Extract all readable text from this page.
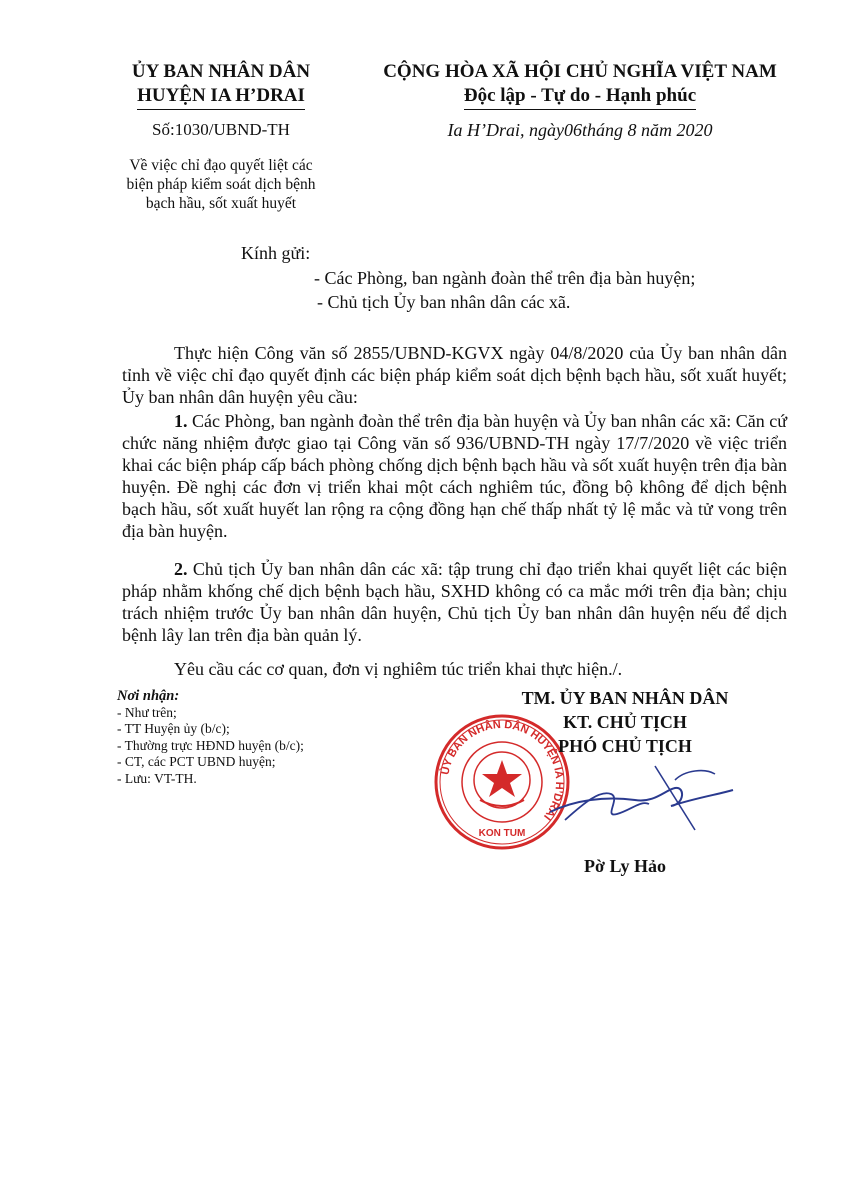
ỦY BAN NHÂN DÂN
HUYỆN IA H’DRAI
CỘNG HÒA XÃ HỘI CHỦ NGHĨA VIỆT NAM
Độc lập - Tự do - Hạnh phúc
Số:1030/UBND-TH	Ia H’Drai, ngày06tháng 8 năm 2020
Về việc chỉ đạo quyết liệt các
biện pháp kiểm soát dịch bệnh
bạch hầu, sốt xuất huyết
Kính gửi:
- Các Phòng, ban ngành đoàn thể trên địa bàn huyện;
- Chủ tịch Ủy ban nhân dân các xã.

Thực hiện Công văn số 2855/UBND-KGVX ngày 04/8/2020 của Ủy ban nhân dân tỉnh về việc chỉ đạo quyết định các biện pháp kiểm soát dịch bệnh bạch hầu, sốt xuất huyết; Ủy ban nhân dân huyện yêu cầu:

1. Các Phòng, ban ngành đoàn thể trên địa bàn huyện và Ủy ban nhân các xã: Căn cứ chức năng nhiệm được giao tại Công văn số 936/UBND-TH ngày 17/7/2020 về việc triển khai các biện pháp cấp bách phòng chống dịch bệnh bạch hầu và sốt xuất huyện trên địa bàn huyện. Đề nghị các đơn vị triển khai một cách nghiêm túc, đồng bộ không để dịch bệnh bạch hầu, sốt xuất huyết lan rộng ra cộng đồng hạn chế thấp nhất tỷ lệ mắc và tử vong trên địa bàn huyện.

2. Chủ tịch Ủy ban nhân dân các xã: tập trung chỉ đạo triển khai quyết liệt các biện pháp nhằm khống chế dịch bệnh bạch hầu, SXHD không có ca mắc mới trên địa bàn; chịu trách nhiệm trước Ủy ban nhân dân huyện, Chủ tịch Ủy ban nhân dân huyện nếu để dịch bệnh lây lan trên địa bàn quản lý.

Yêu cầu các cơ quan, đơn vị nghiêm túc triển khai thực hiện./.

Nơi nhận:
- Như trên;
- TT Huyện ủy (b/c);
- Thường trực HĐND huyện (b/c);
- CT, các PCT UBND huyện;
- Lưu: VT-TH.	ỦY BAN NHÂN DÂN HUYỆN IA H’DRAI
KON TUM
TM. ỦY BAN NHÂN DÂN
KT. CHỦ TỊCH
PHÓ CHỦ TỊCH
Pờ Ly Hảo
